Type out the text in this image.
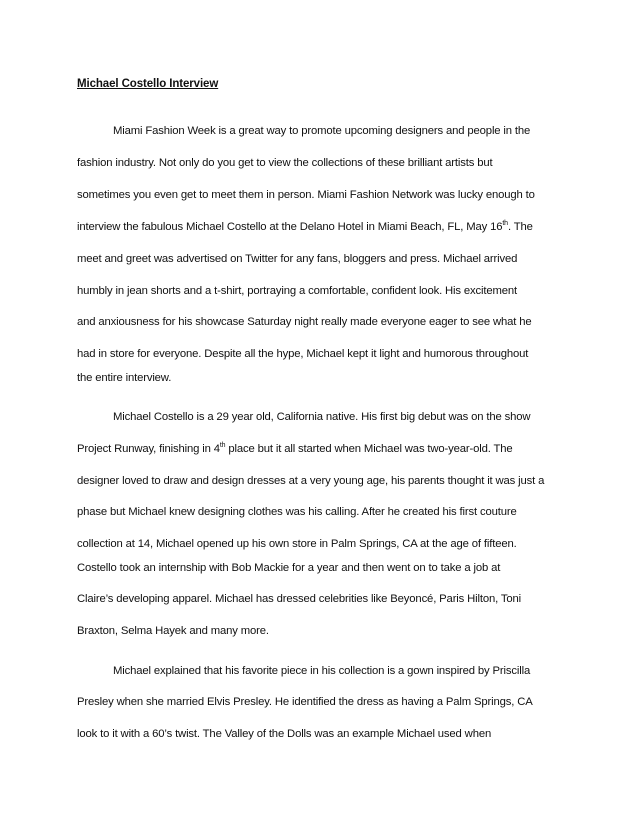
Michael Costello Interview
Miami Fashion Week is a great way to promote upcoming designers and people in the
fashion industry. Not only do you get to view the collections of these brilliant artists but
sometimes you even get to meet them in person. Miami Fashion Network was lucky enough to
interview the fabulous Michael Costello at the Delano Hotel in Miami Beach, FL, May 16th. The
meet and greet was advertised on Twitter for any fans, bloggers and press. Michael arrived
humbly in jean shorts and a t-shirt, portraying a comfortable, confident look. His excitement
and anxiousness for his showcase Saturday night really made everyone eager to see what he
had in store for everyone. Despite all the hype, Michael kept it light and humorous throughout
the entire interview.
Michael Costello is a 29 year old, California native. His first big debut was on the show
Project Runway, finishing in 4th place but it all started when Michael was two-year-old. The
designer loved to draw and design dresses at a very young age, his parents thought it was just a
phase but Michael knew designing clothes was his calling. After he created his first couture
collection at 14, Michael opened up his own store in Palm Springs, CA at the age of fifteen.
Costello took an internship with Bob Mackie for a year and then went on to take a job at
Claire’s developing apparel. Michael has dressed celebrities like Beyoncé, Paris Hilton, Toni
Braxton, Selma Hayek and many more.
Michael explained that his favorite piece in his collection is a gown inspired by Priscilla
Presley when she married Elvis Presley. He identified the dress as having a Palm Springs, CA
look to it with a 60’s twist. The Valley of the Dolls was an example Michael used when
